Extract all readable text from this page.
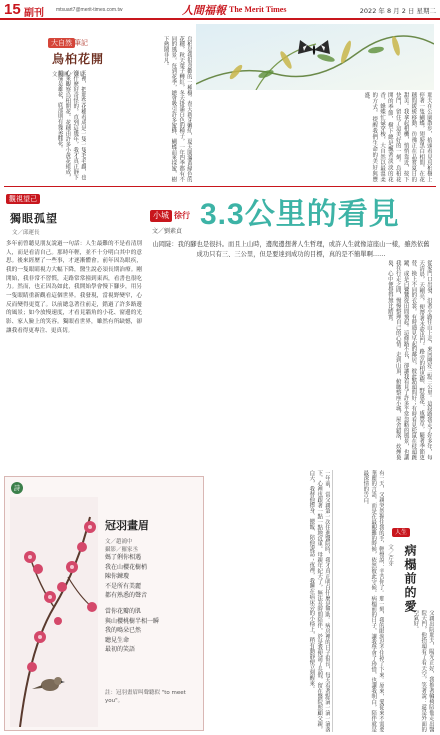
15 副刊 mtsuart7@merit-times.com.tw	人間福報 The Merit Times	2022 年 8 月 2 日 星期二
大自然 筆記
烏桕花開
文與圖／曾眉
天裡，把那些花穗看成是一隻一隻毛毛蟲，也沒什麼好奇怪的。直到這幾年，我才真正靜下心來觀察烏桕開花。花穗由許多小黃花組成，頂端是雄花，底部則有幾朵雌花。	烏桕是我很喜歡的一種樹。春天新芽嫩紅，夏天開滿黃綠色的花穗，秋天葉子轉紅，冬天掛滿白色的種子，一年四季都有不同的風景。每到花季，總會吸引許多蜜蜂、蝴蝶前來採蜜，樹下熱鬧非凡。
那天在公園散步，抬頭看見烏桕樹上停著一隻蝴蝶，翅膀黑白相間，在花穗間緩緩移動，彷彿正在品嘗夏日的甜美。我拿起相機，悄悄靠近，按下快門，留住了這美好的一刻。烏桕花開的季節，樹下總是飄著淡淡的花香，蜂蝶忙碌穿梭，大自然以最溫柔的方式，提醒我們生命的美好與豐盛。
觀視望己
獨眼孤望
文／邱運長
多年前曾聽見朋友說過一句話：人生最難的不是看清別人，而是看清自己。那時年輕，並不十分明白其中的意思。後來經歷了一些事，才逐漸體會。前年因為眼疾，我的一隻眼睛視力大幅下降，醫生說必須長期治療。剛開始，我非常不習慣，走路常常撞到東西，看書也很吃力。然而，也正因為如此，我開始學會慢下腳步，用另一隻眼睛重新觀看這個世界。我發現，當視野變窄，心反而變得更寬了。以前總急著往前走，錯過了許多路邊的風景；如今放慢速度，才看見牆角的小花、窗邊的光影、家人臉上的笑容。獨眼看世界，雖然有所缺憾，卻讓我看得更專注、更真切。
小城 徐行
文／劉素貞
3.3公里的看見
山岡陡：我的腳也是很抖。而且上山時，邊爬邊想著人生哲理，或許人生就像這座山一樣，雖然依舊成功只有三、三公里，但是要達到成功的目標，真的是不簡單啊……
從家門口出發，沿著小路往山上走，來回剛好三點三公里。這段路我走了好多年，每天清晨，天剛亮，便帶著水壺出門。路旁的相思樹、野薑花、咸豐草，隨著季節更替，換上不同的衣裳。有時遇見早起的鄰居，彼此點頭問好；有時看見松鼠在枝頭跳躍，或是白鷺鷥從田間飛起。這條路不長，卻讓我看見了許多平常忽略的風景，也讓我在行走之間，慢慢整理自己的心情。走到山頂，俯瞰整座小城，屋舍錯落，炊煙裊裊，心中便覺得無比踏實。
詩
冠羽畫眉
文／趙鴻中
攝影／羅家丞
媽了俐你相遇
我在山櫻花樹梢
陳你鍊瓊
不是所有美麗
都有熟悉的聲音
當你花瓣的肌
與山櫻桃樹半相一瞬
我的鳴朵已然
聽見生命
最初的笑語
註：冠羽畫眉叫聲聽似 "to meet you"。	一年前，當父親第一次住進醫院時，我才真正明白什麼是無助。病房裡的日子很長，每天看著點滴一滴一滴落下，心裡也跟著一點一點地沉重。母親年紀大了，無法長時間陪伴，於是我便請了長假，留在醫院照顧父親。白天，我替他擦身、餵飯、陪他說話；夜裡，我睡在病床旁的小椅上，稍有動靜便立刻醒來。	有一天，父親突然握住我的手，輕聲說：辛苦你了。那一刻，我的眼淚忍不住掉了下來。原來，愛從來不需要華麗的言語，而是在最艱難的時候，依然彼此守候。病榻前的日子，讓我學會了珍惜，也讓我明白，陪伴就是最深情的告白。
人生
病榻前的愛
文／芹芽
父親出院那天，陽光正好，我推著輪椅陪他走出醫院大門，他抬頭看了看天空，笑著說：還是外面的空氣好。
